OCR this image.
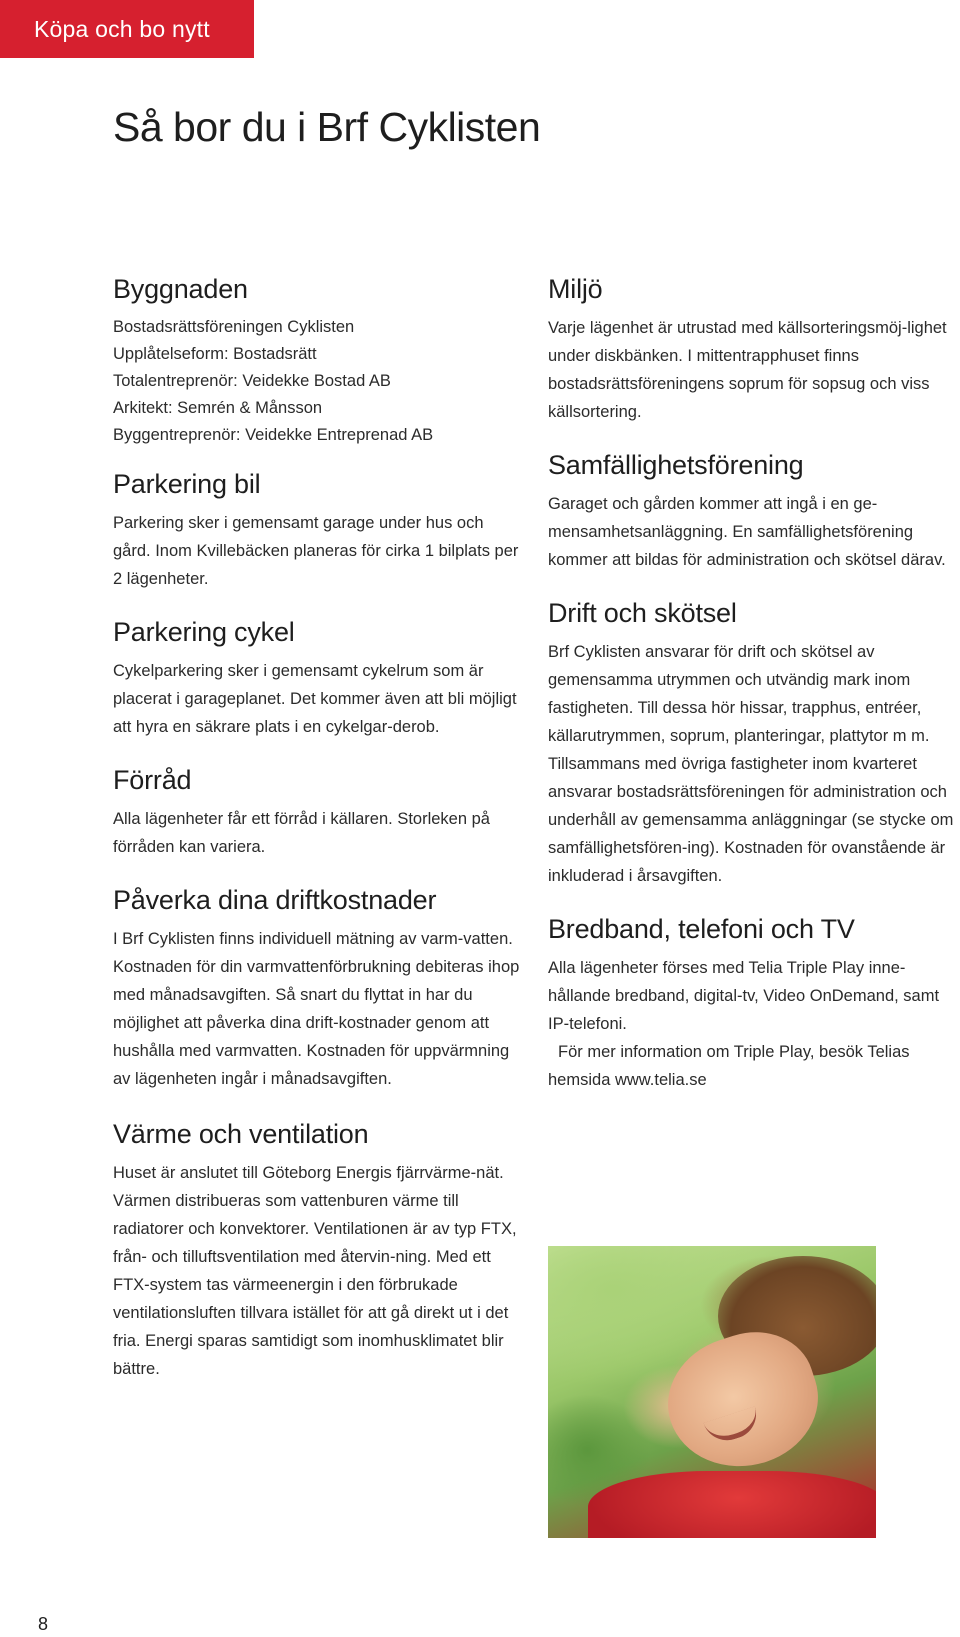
Köpa och bo nytt
Så bor du i Brf Cyklisten
Byggnaden

Bostadsrättsföreningen Cyklisten

Upplåtelseform: Bostadsrätt

Totalentreprenör: Veidekke Bostad AB

Arkitekt: Semrén & Månsson

Byggentreprenör: Veidekke Entreprenad AB

Parkering bil

Parkering sker i gemensamt garage under hus och gård. Inom Kvillebäcken planeras för cirka 1 bilplats per 2 lägenheter.

Parkering cykel

Cykelparkering sker i gemensamt cykelrum som är placerat i garageplanet. Det kommer även att bli möjligt att hyra en säkrare plats i en cykelgar-derob.

Förråd

Alla lägenheter får ett förråd i källaren. Storleken på förråden kan variera.

Påverka dina driftkostnader

I Brf Cyklisten finns individuell mätning av varm-vatten. Kostnaden för din varmvattenförbrukning debiteras ihop med månadsavgiften. Så snart du flyttat in har du möjlighet att påverka dina drift-kostnader genom att hushålla med varmvatten. Kostnaden för uppvärmning av lägenheten ingår i månadsavgiften.

Värme och ventilation

Huset är anslutet till Göteborg Energis fjärrvärme-nät. Värmen distribueras som vattenburen värme till radiatorer och konvektorer. Ventilationen är av typ FTX, från- och tilluftsventilation med återvin-ning. Med ett FTX-system tas värmeenergin i den förbrukade ventilationsluften tillvara istället för att gå direkt ut i det fria. Energi sparas samtidigt som inomhusklimatet blir bättre.

Miljö

Varje lägenhet är utrustad med källsorteringsmöj-lighet under diskbänken. I mittentrapphuset finns bostadsrättsföreningens soprum för sopsug och viss källsortering.

Samfällighetsförening

Garaget och gården kommer att ingå i en ge-mensamhetsanläggning. En samfällighetsförening kommer att bildas för administration och skötsel därav.

Drift och skötsel

Brf Cyklisten ansvarar för drift och skötsel av gemensamma utrymmen och utvändig mark inom fastigheten. Till dessa hör hissar, trapphus, entréer, källarutrymmen, soprum, planteringar, plattytor m m. Tillsammans med övriga fastigheter inom kvarteret ansvarar bostadsrättsföreningen för administration och underhåll av gemensamma anläggningar (se stycke om samfällighetsfören-ing). Kostnaden för ovanstående är inkluderad i årsavgiften.

Bredband, telefoni och TV

Alla lägenheter förses med Telia Triple Play inne-hållande bredband, digital-tv, Video OnDemand, samt IP-telefoni.

För mer information om Triple Play, besök Telias hemsida www.telia.se

8
